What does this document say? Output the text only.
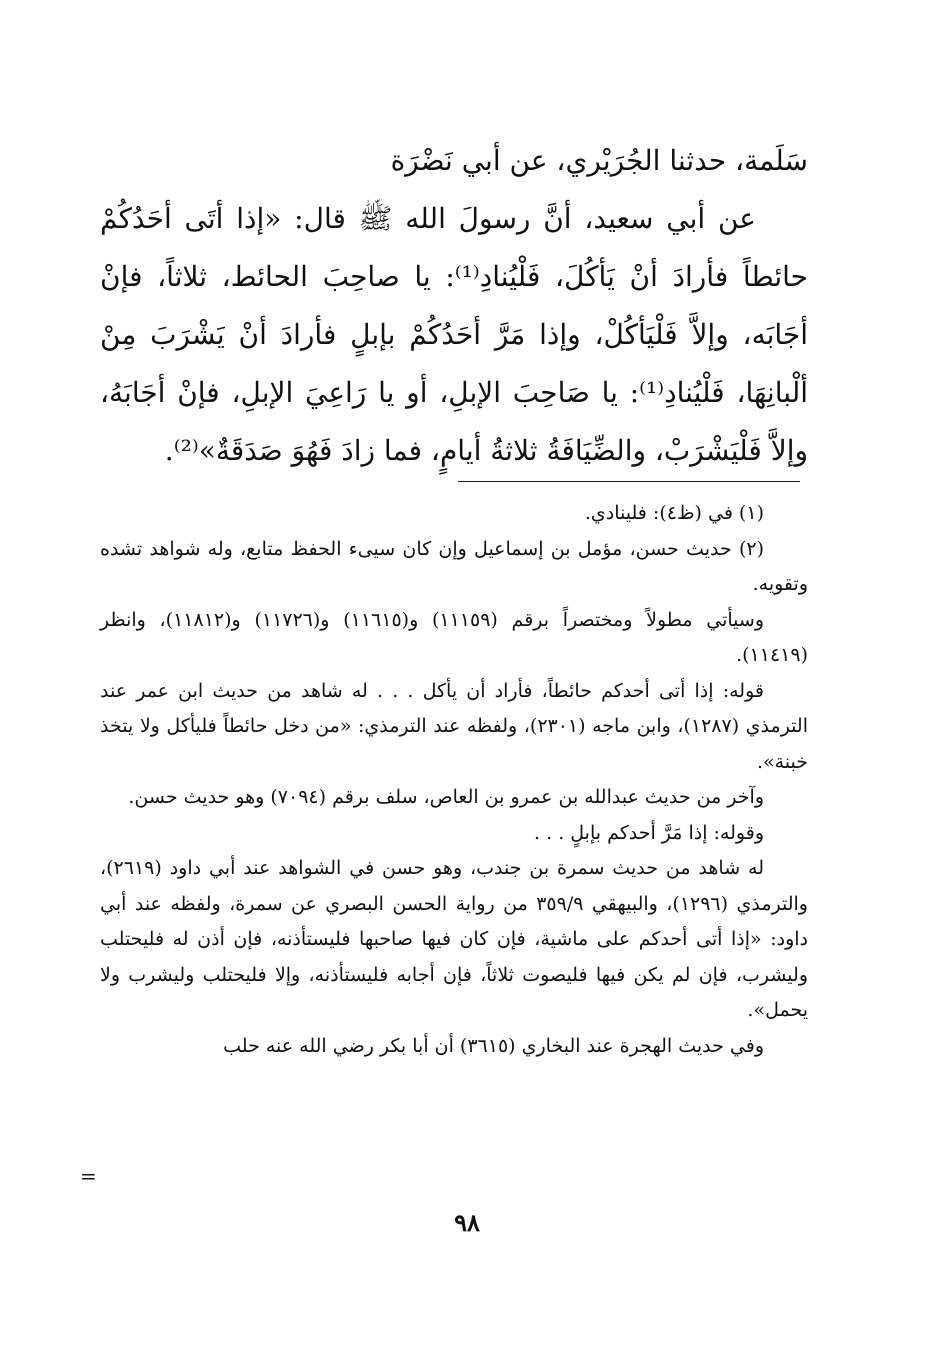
سَلَمة، حدثنا الجُرَيْري، عن أبي نَضْرَة

عن أبي سعيد، أنَّ رسولَ الله ﷺ قال: «إذا أتَى أحَدُكُمْ حائطاً فأرادَ أنْ يَأكُلَ، فَلْيُنادِ⁽¹⁾: يا صاحِبَ الحائط، ثلاثاً، فإنْ أجَابَه، وإلاَّ فَلْيَأكُلْ، وإذا مَرَّ أحَدُكُمْ بإبلٍ فأرادَ أنْ يَشْرَبَ مِنْ ألْبانِهَا، فَلْيُنادِ⁽¹⁾: يا صَاحِبَ الإبلِ، أو يا رَاعِيَ الإبلِ، فإنْ أجَابَهُ، وإلاَّ فَلْيَشْرَبْ، والضِّيَافَةُ ثلاثةُ أيامٍ، فما زادَ فَهُوَ صَدَقَةٌ»⁽²⁾.

(١) في (ظ٤): فلينادي.

(٢) حديث حسن، مؤمل بن إسماعيل وإن كان سيىء الحفظ متابع، وله شواهد تشده وتقويه.

وسيأتي مطولاً ومختصراً برقم (١١١٥٩) و(١١٦١٥) و(١١٧٢٦) و(١١٨١٢)، وانظر (١١٤١٩).

قوله: إذا أتى أحدكم حائطاً، فأراد أن يأكل . . . له شاهد من حديث ابن عمر عند الترمذي (١٢٨٧)، وابن ماجه (٢٣٠١)، ولفظه عند الترمذي: «من دخل حائطاً فليأكل ولا يتخذ خبنة».

وآخر من حديث عبدالله بن عمرو بن العاص، سلف برقم (٧٠٩٤) وهو حديث حسن.

وقوله: إذا مَرَّ أحدكم بإبلٍ . . .

له شاهد من حديث سمرة بن جندب، وهو حسن في الشواهد عند أبي داود (٢٦١٩)، والترمذي (١٢٩٦)، والبيهقي ٣٥٩/٩ من رواية الحسن البصري عن سمرة، ولفظه عند أبي داود: «إذا أتى أحدكم على ماشية، فإن كان فيها صاحبها فليستأذنه، فإن أذن له فليحتلب وليشرب، فإن لم يكن فيها فليصوت ثلاثاً، فإن أجابه فليستأذنه، وإلا فليحتلب وليشرب ولا يحمل».

وفي حديث الهجرة عند البخاري (٣٦١٥) أن أبا بكر رضي الله عنه حلب

=
٩٨
